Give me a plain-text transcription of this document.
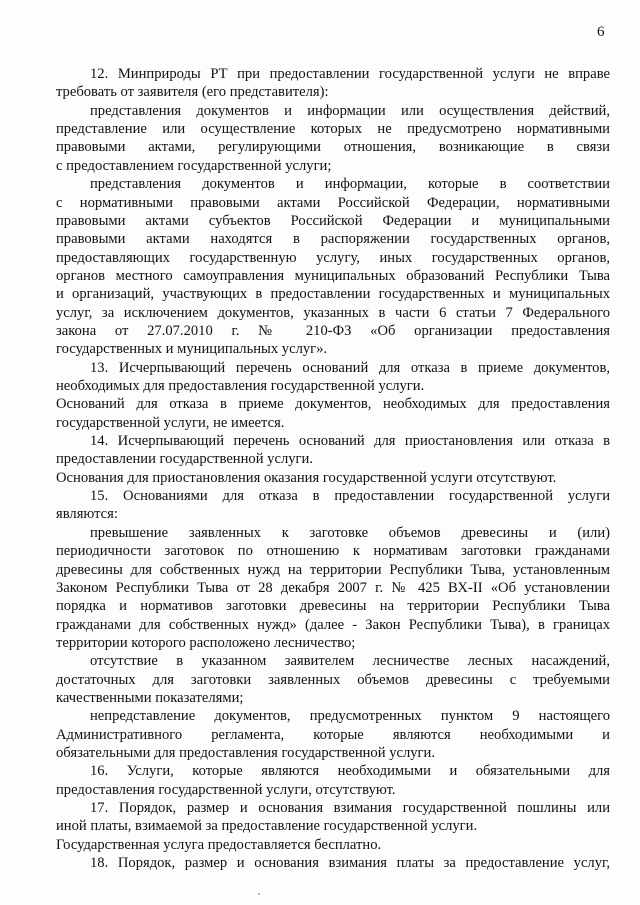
6
12. Минприроды РТ при предоставлении государственной услуги не вправе
требовать от заявителя (его представителя):
представления документов и информации или осуществления действий,
представление или осуществление которых не предусмотрено нормативными
правовыми актами, регулирующими отношения, возникающие в связи
с предоставлением государственной услуги;
представления документов и информации, которые в соответствии
с нормативными правовыми актами Российской Федерации, нормативными
правовыми актами субъектов Российской Федерации и муниципальными
правовыми актами находятся в распоряжении государственных органов,
предоставляющих государственную услугу, иных государственных органов,
органов местного самоуправления муниципальных образований Республики Тыва
и организаций, участвующих в предоставлении государственных и муниципальных
услуг, за исключением документов, указанных в части 6 статьи 7 Федерального
закона от 27.07.2010 г. № 210-ФЗ «Об организации предоставления
государственных и муниципальных услуг».
13. Исчерпывающий перечень оснований для отказа в приеме документов,
необходимых для предоставления государственной услуги.
Оснований для отказа в приеме документов, необходимых для предоставления
государственной услуги, не имеется.
14. Исчерпывающий перечень оснований для приостановления или отказа в
предоставлении государственной услуги.
Основания для приостановления оказания государственной услуги отсутствуют.
15. Основаниями для отказа в предоставлении государственной услуги
являются:
превышение заявленных к заготовке объемов древесины и (или)
периодичности заготовок по отношению к нормативам заготовки гражданами
древесины для собственных нужд на территории Республики Тыва, установленным
Законом Республики Тыва от 28 декабря 2007 г. № 425 ВХ-II «Об установлении
порядка и нормативов заготовки древесины на территории Республики Тыва
гражданами для собственных нужд» (далее - Закон Республики Тыва), в границах
территории которого расположено лесничество;
отсутствие в указанном заявителем лесничестве лесных насаждений,
достаточных для заготовки заявленных объемов древесины с требуемыми
качественными показателями;
непредставление документов, предусмотренных пунктом 9 настоящего
Административного регламента, которые являются необходимыми и
обязательными для предоставления государственной услуги.
16. Услуги, которые являются необходимыми и обязательными для
предоставления государственной услуги, отсутствуют.
17. Порядок, размер и основания взимания государственной пошлины или
иной платы, взимаемой за предоставление государственной услуги.
Государственная услуга предоставляется бесплатно.
18. Порядок, размер и основания взимания платы за предоставление услуг,
